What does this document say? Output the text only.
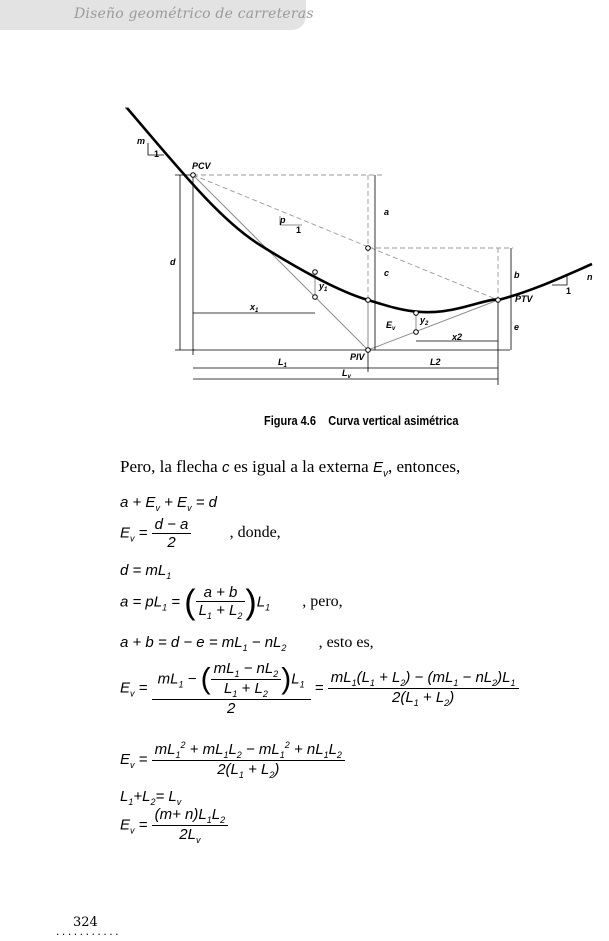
Diseño geométrico de carreteras
m
1
PCV
p
1
d
a
c	b
$y_1$
$y_2$
$x_1$
x2
$E_v$	e
n
1
PTV
PIV
$L_1$	L2
$L_v$
Figura 4.6 Curva vertical asimétrica
Pero, la flecha c es igual a la externa $E_v$, entonces,
$a + E_v + E_v = d$
$E_v = \frac{d - a}{2}$ , donde,
$d = mL_1$
$a = pL_1$ = ( $\frac{a + b}{L_1 + L_2} )L_1$ , pero,
$a + b = d - e = mL_1 - nL_2$ , esto es,
$E_v = \frac{mL_1 - ( \frac{mL_1 - nL_2}{L_1 + L_2} )L_1}{2} = \frac{mL_1(L_1 + L_2) - (mL_1 - nL_2)L_1}{2(L_1 + L_2)}$
$E_v = \frac{mL_1^2 + mL_1L_2 - mL_1^2 + nL_1L_2}{2(L_1 + L_2)}$
$L_1+L_2= L_v$
$E_v = \frac{(m+ n)L_1L_2}{2L_v}$
324
...........
